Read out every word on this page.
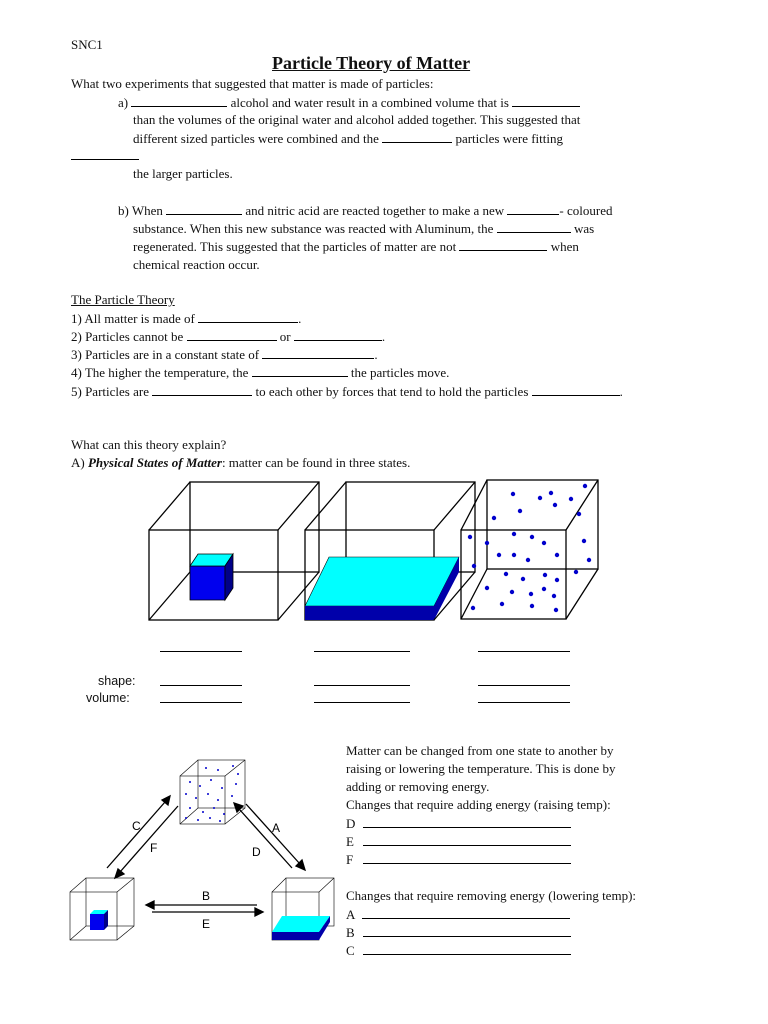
SNC1
Particle Theory of Matter
What two experiments that suggested that matter is made of particles:
a)	alcohol and water result in a combined volume that is
than the volumes of the original water and alcohol added together. This suggested that
different sized particles were combined and the	particles were fitting
the larger particles.
b) When	and nitric acid are reacted together to make a new	- coloured
substance. When this new substance was reacted with Aluminum, the	was
regenerated. This suggested that the particles of matter are not	when
chemical reaction occur.
The Particle Theory
1) All matter is made of	.
2) Particles cannot be	or	.
3) Particles are in a constant state of	.
4) The higher the temperature, the	the particles move.
5) Particles are	to each other by forces that tend to hold the particles	.
What can this theory explain?
A) Physical States of Matter: matter can be found in three states.
shape:
volume:
C
F
A
D
B
E
Matter can be changed from one state to another by
raising or lowering the temperature. This is done by
adding or removing energy.
Changes that require adding energy (raising temp):
D
E
F
Changes that require removing energy (lowering temp):
A
B
C
